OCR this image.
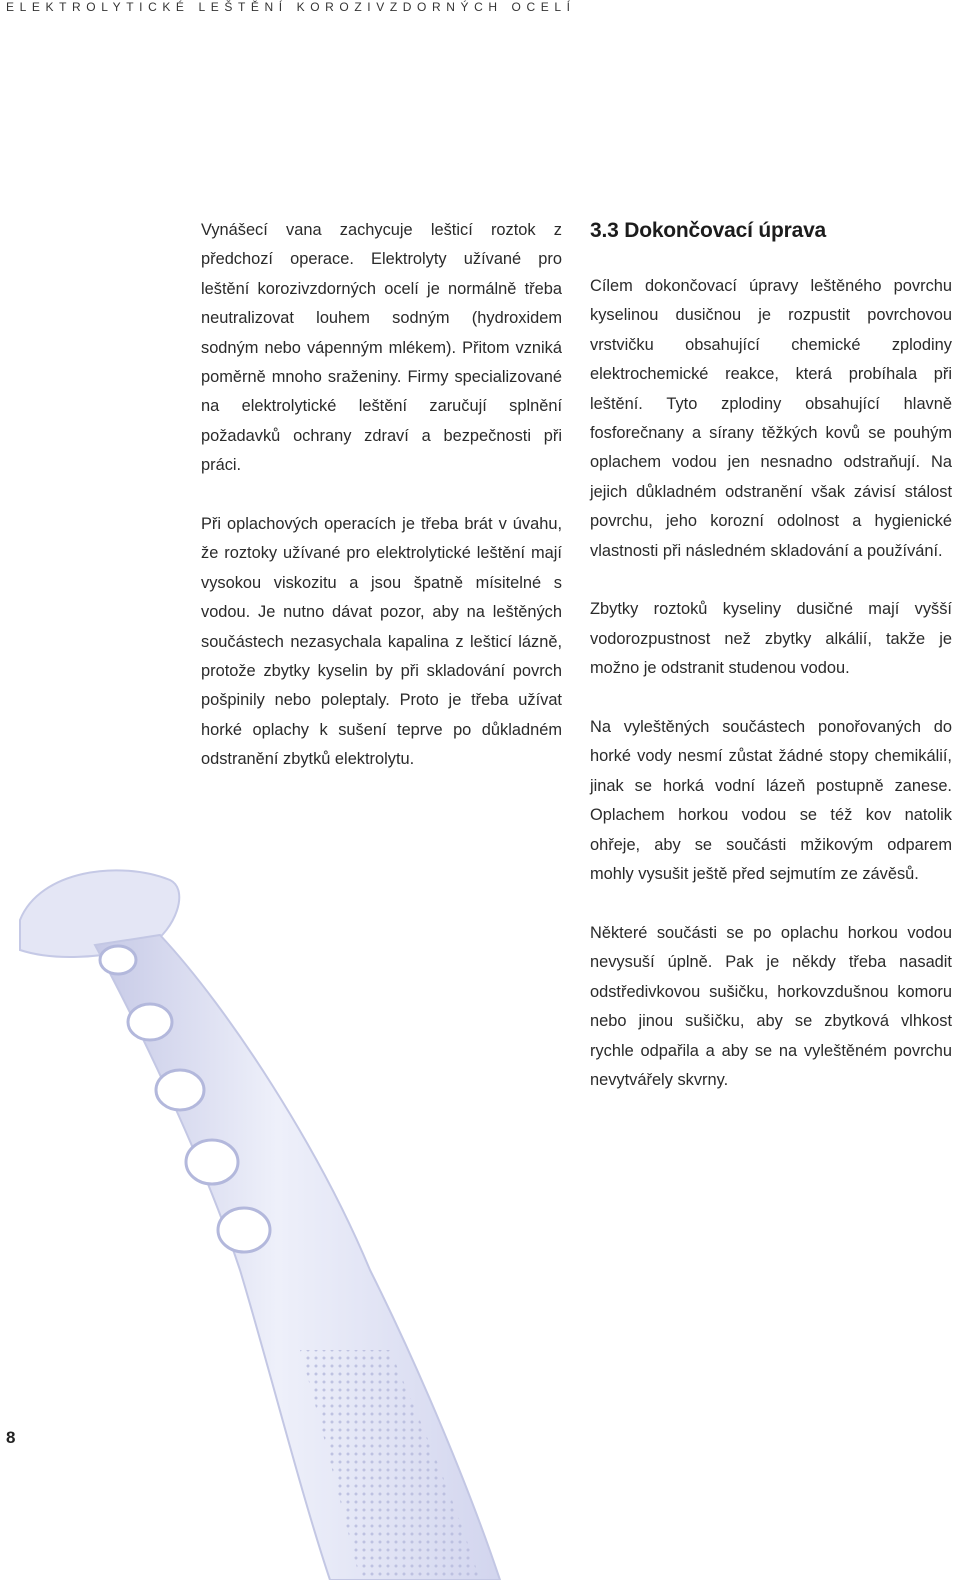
ELEKTROLYTICKÉ LEŠTĚNÍ KOROZIVZDORNÝCH OCELÍ

Vynášecí vana zachycuje lešticí roztok z předchozí operace. Elektrolyty užívané pro leštění korozivzdorných ocelí je normálně třeba neutralizovat louhem sodným (hydroxidem sodným nebo vápenným mlékem). Přitom vzniká poměrně mnoho sraženiny. Firmy specializované na elektrolytické leštění zaručují splnění požadavků ochrany zdraví a bezpečnosti při práci.

Při oplachových operacích je třeba brát v úvahu, že roztoky užívané pro elektrolytické leštění mají vysokou viskozitu a jsou špatně mísitelné s vodou. Je nutno dávat pozor, aby na leštěných součástech nezasychala kapalina z lešticí lázně, protože zbytky kyselin by při skladování povrch pošpinily nebo poleptaly. Proto je třeba užívat horké oplachy k sušení teprve po důkladném odstranění zbytků elektrolytu.

3.3 Dokončovací úprava

Cílem dokončovací úpravy leštěného povrchu kyselinou dusičnou je rozpustit povrchovou vrstvičku obsahující chemické zplodiny elektrochemické reakce, která probíhala při leštění. Tyto zplodiny obsahující hlavně fosforečnany a sírany těžkých kovů se pouhým oplachem vodou jen nesnadno odstraňují. Na jejich důkladném odstranění však závisí stálost povrchu, jeho korozní odolnost a hygienické vlastnosti při následném skladování a používání.

Zbytky roztoků kyseliny dusičné mají vyšší vodorozpustnost než zbytky alkálií, takže je možno je odstranit studenou vodou.

Na vyleštěných součástech ponořovaných do horké vody nesmí zůstat žádné stopy chemikálií, jinak se horká vodní lázeň postupně zanese. Oplachem horkou vodou se též kov natolik ohřeje, aby se součásti mžikovým odparem mohly vysušit ještě před sejmutím ze závěsů.

Některé součásti se po oplachu horkou vodou nevysuší úplně. Pak je někdy třeba nasadit odstředivkovou sušičku, horkovzdušnou komoru nebo jinou sušičku, aby se zbytková vlhkost rychle odpařila a aby se na vyleštěném povrchu nevytvářely skvrny.

8
